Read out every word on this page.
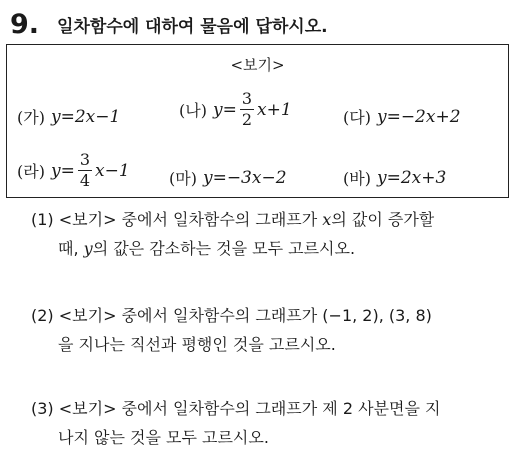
9. 일차함수에 대하여 물음에 답하시오.
<보기>
(가) y = 2x−1	(나) $y = \frac{3}{2} x+1$	(다) y = −2x+2
(라) $y = \frac{3}{4} x-1$ (마) y = −3x−2	(바) y = 2x+3
(1) <보기> 중에서 일차함수의 그래프가 x의 값이 증가할
때, y의 값은 감소하는 것을 모두 고르시오.
(2) <보기> 중에서 일차함수의 그래프가 (−1, 2), (3, 8)
을 지나는 직선과 평행인 것을 고르시오.
(3) <보기> 중에서 일차함수의 그래프가 제 2 사분면을 지
나지 않는 것을 모두 고르시오.
